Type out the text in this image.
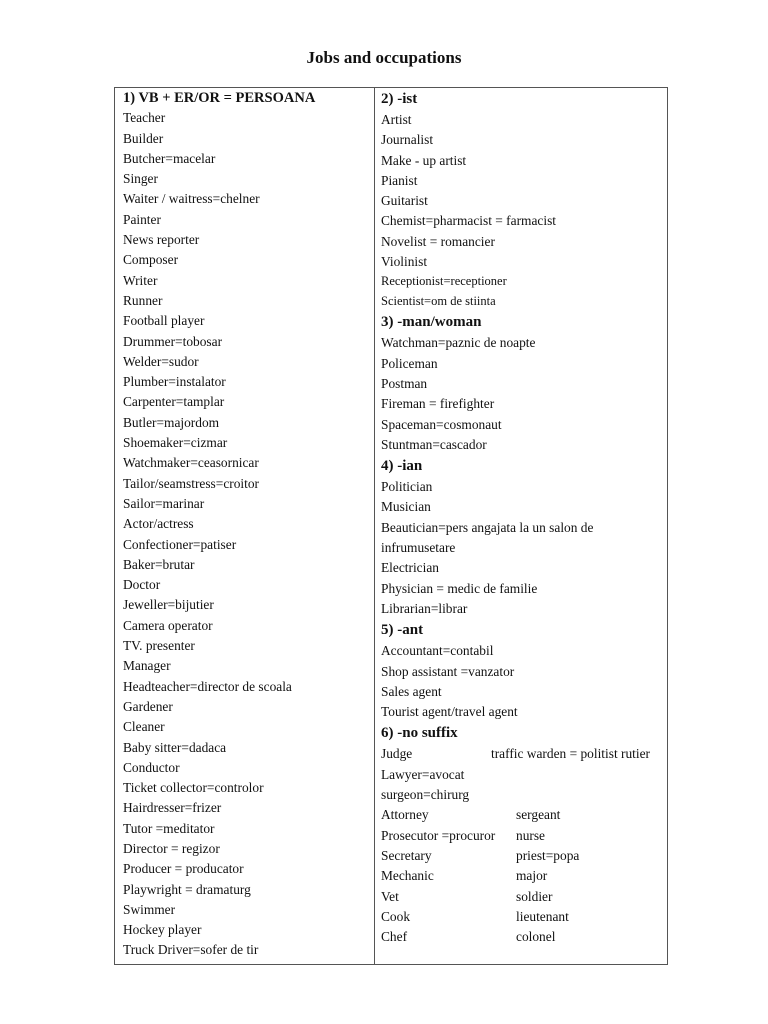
Jobs and occupations
1) VB + ER/OR = PERSOANA
Teacher
Builder
Butcher=macelar
Singer
Waiter / waitress=chelner
Painter
News reporter
Composer
Writer
Runner
Football player
Drummer=tobosar
Welder=sudor
Plumber=instalator
Carpenter=tamplar
Butler=majordom
Shoemaker=cizmar
Watchmaker=ceasornicar
Tailor/seamstress=croitor
Sailor=marinar
Actor/actress
Confectioner=patiser
Baker=brutar
Doctor
Jeweller=bijutier
Camera operator
TV. presenter
Manager
Headteacher=director de scoala
Gardener
Cleaner
Baby sitter=dadaca
Conductor
Ticket collector=controlor
Hairdresser=frizer
Tutor =meditator
Director = regizor
Producer = producator
Playwright = dramaturg
Swimmer
Hockey player
Truck Driver=sofer de tir
2) -ist
Artist
Journalist
Make - up artist
Pianist
Guitarist
Chemist=pharmacist = farmacist
Novelist = romancier
Violinist
Receptionist=receptioner
Scientist=om de stiinta
3) -man/woman
Watchman=paznic de noapte
Policeman
Postman
Fireman = firefighter
Spaceman=cosmonaut
Stuntman=cascador
4) -ian
Politician
Musician
Beautician=pers angajata la un salon de infrumusetare
Electrician
Physician = medic de familie
Librarian=librar
5) -ant
Accountant=contabil
Shop assistant =vanzator
Sales agent
Tourist agent/travel agent
6) -no suffix
Judge	traffic warden = politist rutier
Lawyer=avocat
surgeon=chirurg
Attorney	sergeant
Prosecutor =procuror	nurse
Secretary	priest=popa
Mechanic	major
Vet	soldier
Cook	lieutenant
Chef	colonel
